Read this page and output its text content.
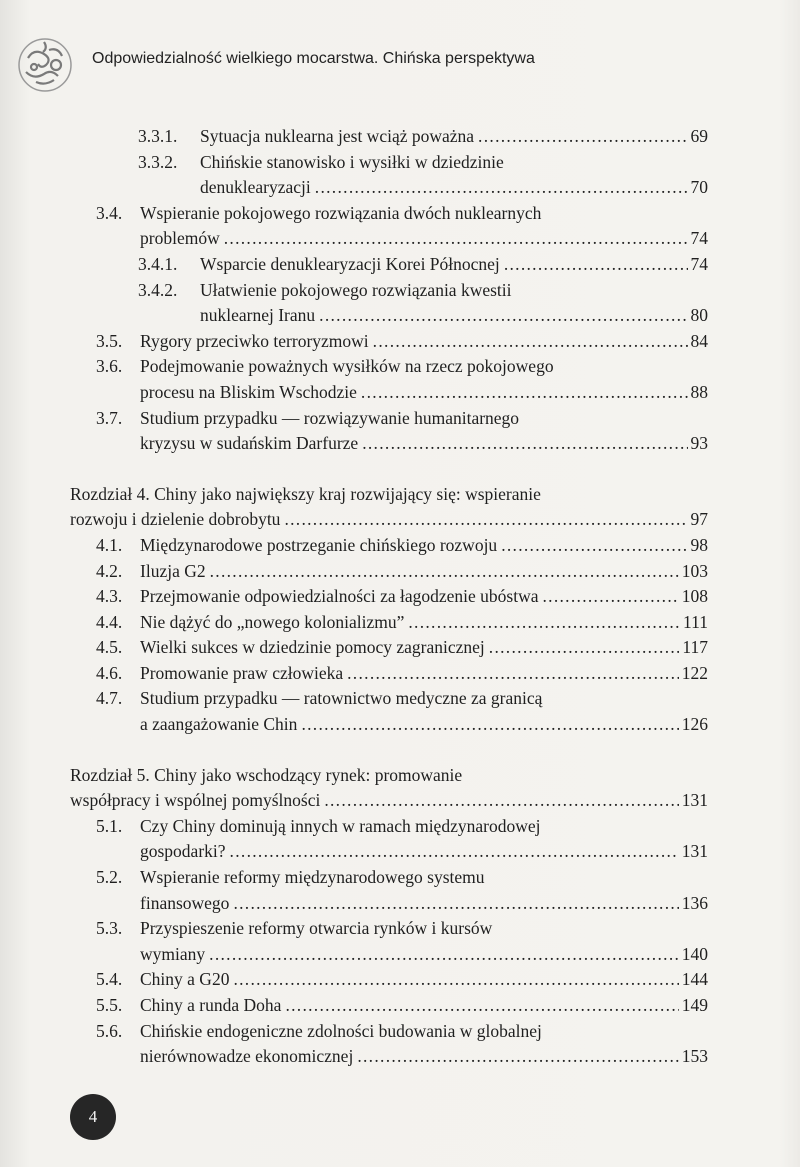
Odpowiedzialność wielkiego mocarstwa. Chińska perspektywa
3.3.1.	Sytuacja nuklearna jest wciąż poważna .....	69
3.3.2.	Chińskie stanowisko i wysiłki w dziedzinie
denuklearyzacji .....	70
3.4.	Wspieranie pokojowego rozwiązania dwóch nuklearnych
problemów .....	74
3.4.1.	Wsparcie denuklearyzacji Korei Północnej .....	74
3.4.2.	Ułatwienie pokojowego rozwiązania kwestii
nuklearnej Iranu .....	80
3.5.	Rygory przeciwko terroryzmowi .....	84
3.6.	Podejmowanie poważnych wysiłków na rzecz pokojowego
procesu na Bliskim Wschodzie .....	88
3.7.	Studium przypadku — rozwiązywanie humanitarnego
kryzysu w sudańskim Darfurze .....	93
Rozdział 4. Chiny jako największy kraj rozwijający się: wspieranie
rozwoju i dzielenie dobrobytu .....	97
4.1.	Międzynarodowe postrzeganie chińskiego rozwoju .....	98
4.2.	Iluzja G2 .....	103
4.3.	Przejmowanie odpowiedzialności za łagodzenie ubóstwa .....	108
4.4.	Nie dążyć do „nowego kolonializmu” .....	111
4.5.	Wielki sukces w dziedzinie pomocy zagranicznej .....	117
4.6.	Promowanie praw człowieka .....	122
4.7.	Studium przypadku — ratownictwo medyczne za granicą
a zaangażowanie Chin .....	126
Rozdział 5. Chiny jako wschodzący rynek: promowanie
współpracy i wspólnej pomyślności .....	131
5.1.	Czy Chiny dominują innych w ramach międzynarodowej
gospodarki? .....	131
5.2.	Wspieranie reformy międzynarodowego systemu
finansowego .....	136
5.3.	Przyspieszenie reformy otwarcia rynków i kursów
wymiany .....	140
5.4.	Chiny a G20 .....	144
5.5.	Chiny a runda Doha .....	149
5.6.	Chińskie endogeniczne zdolności budowania w globalnej
nierównowadze ekonomicznej .....	153
4
